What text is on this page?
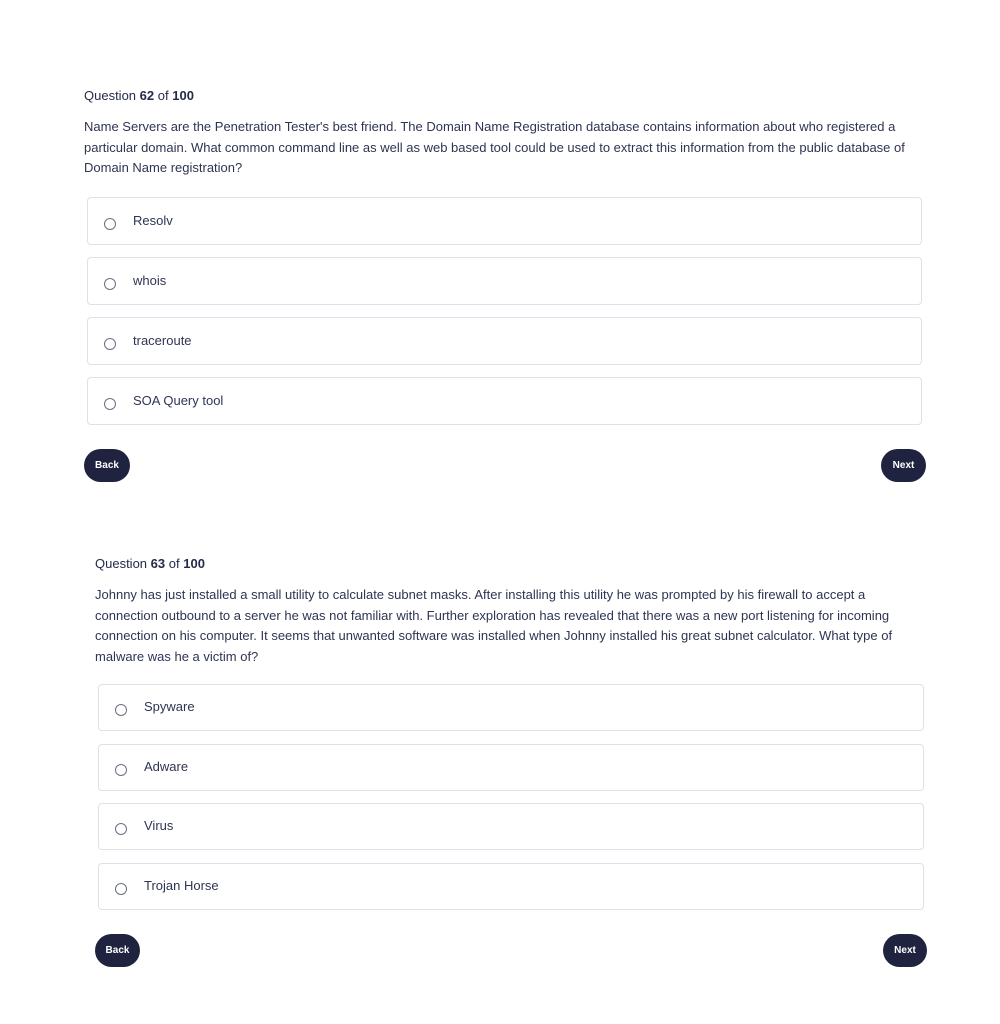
Question 62 of 100

Name Servers are the Penetration Tester's best friend. The Domain Name Registration database contains information about who registered a particular domain. What common command line as well as web based tool could be used to extract this information from the public database of Domain Name registration?

Resolv
whois
traceroute
SOA Query tool
Back	Next
Question 63 of 100

Johnny has just installed a small utility to calculate subnet masks. After installing this utility he was prompted by his firewall to accept a connection outbound to a server he was not familiar with. Further exploration has revealed that there was a new port listening for incoming connection on his computer. It seems that unwanted software was installed when Johnny installed his great subnet calculator. What type of malware was he a victim of?

Spyware
Adware
Virus
Trojan Horse
Back	Next
